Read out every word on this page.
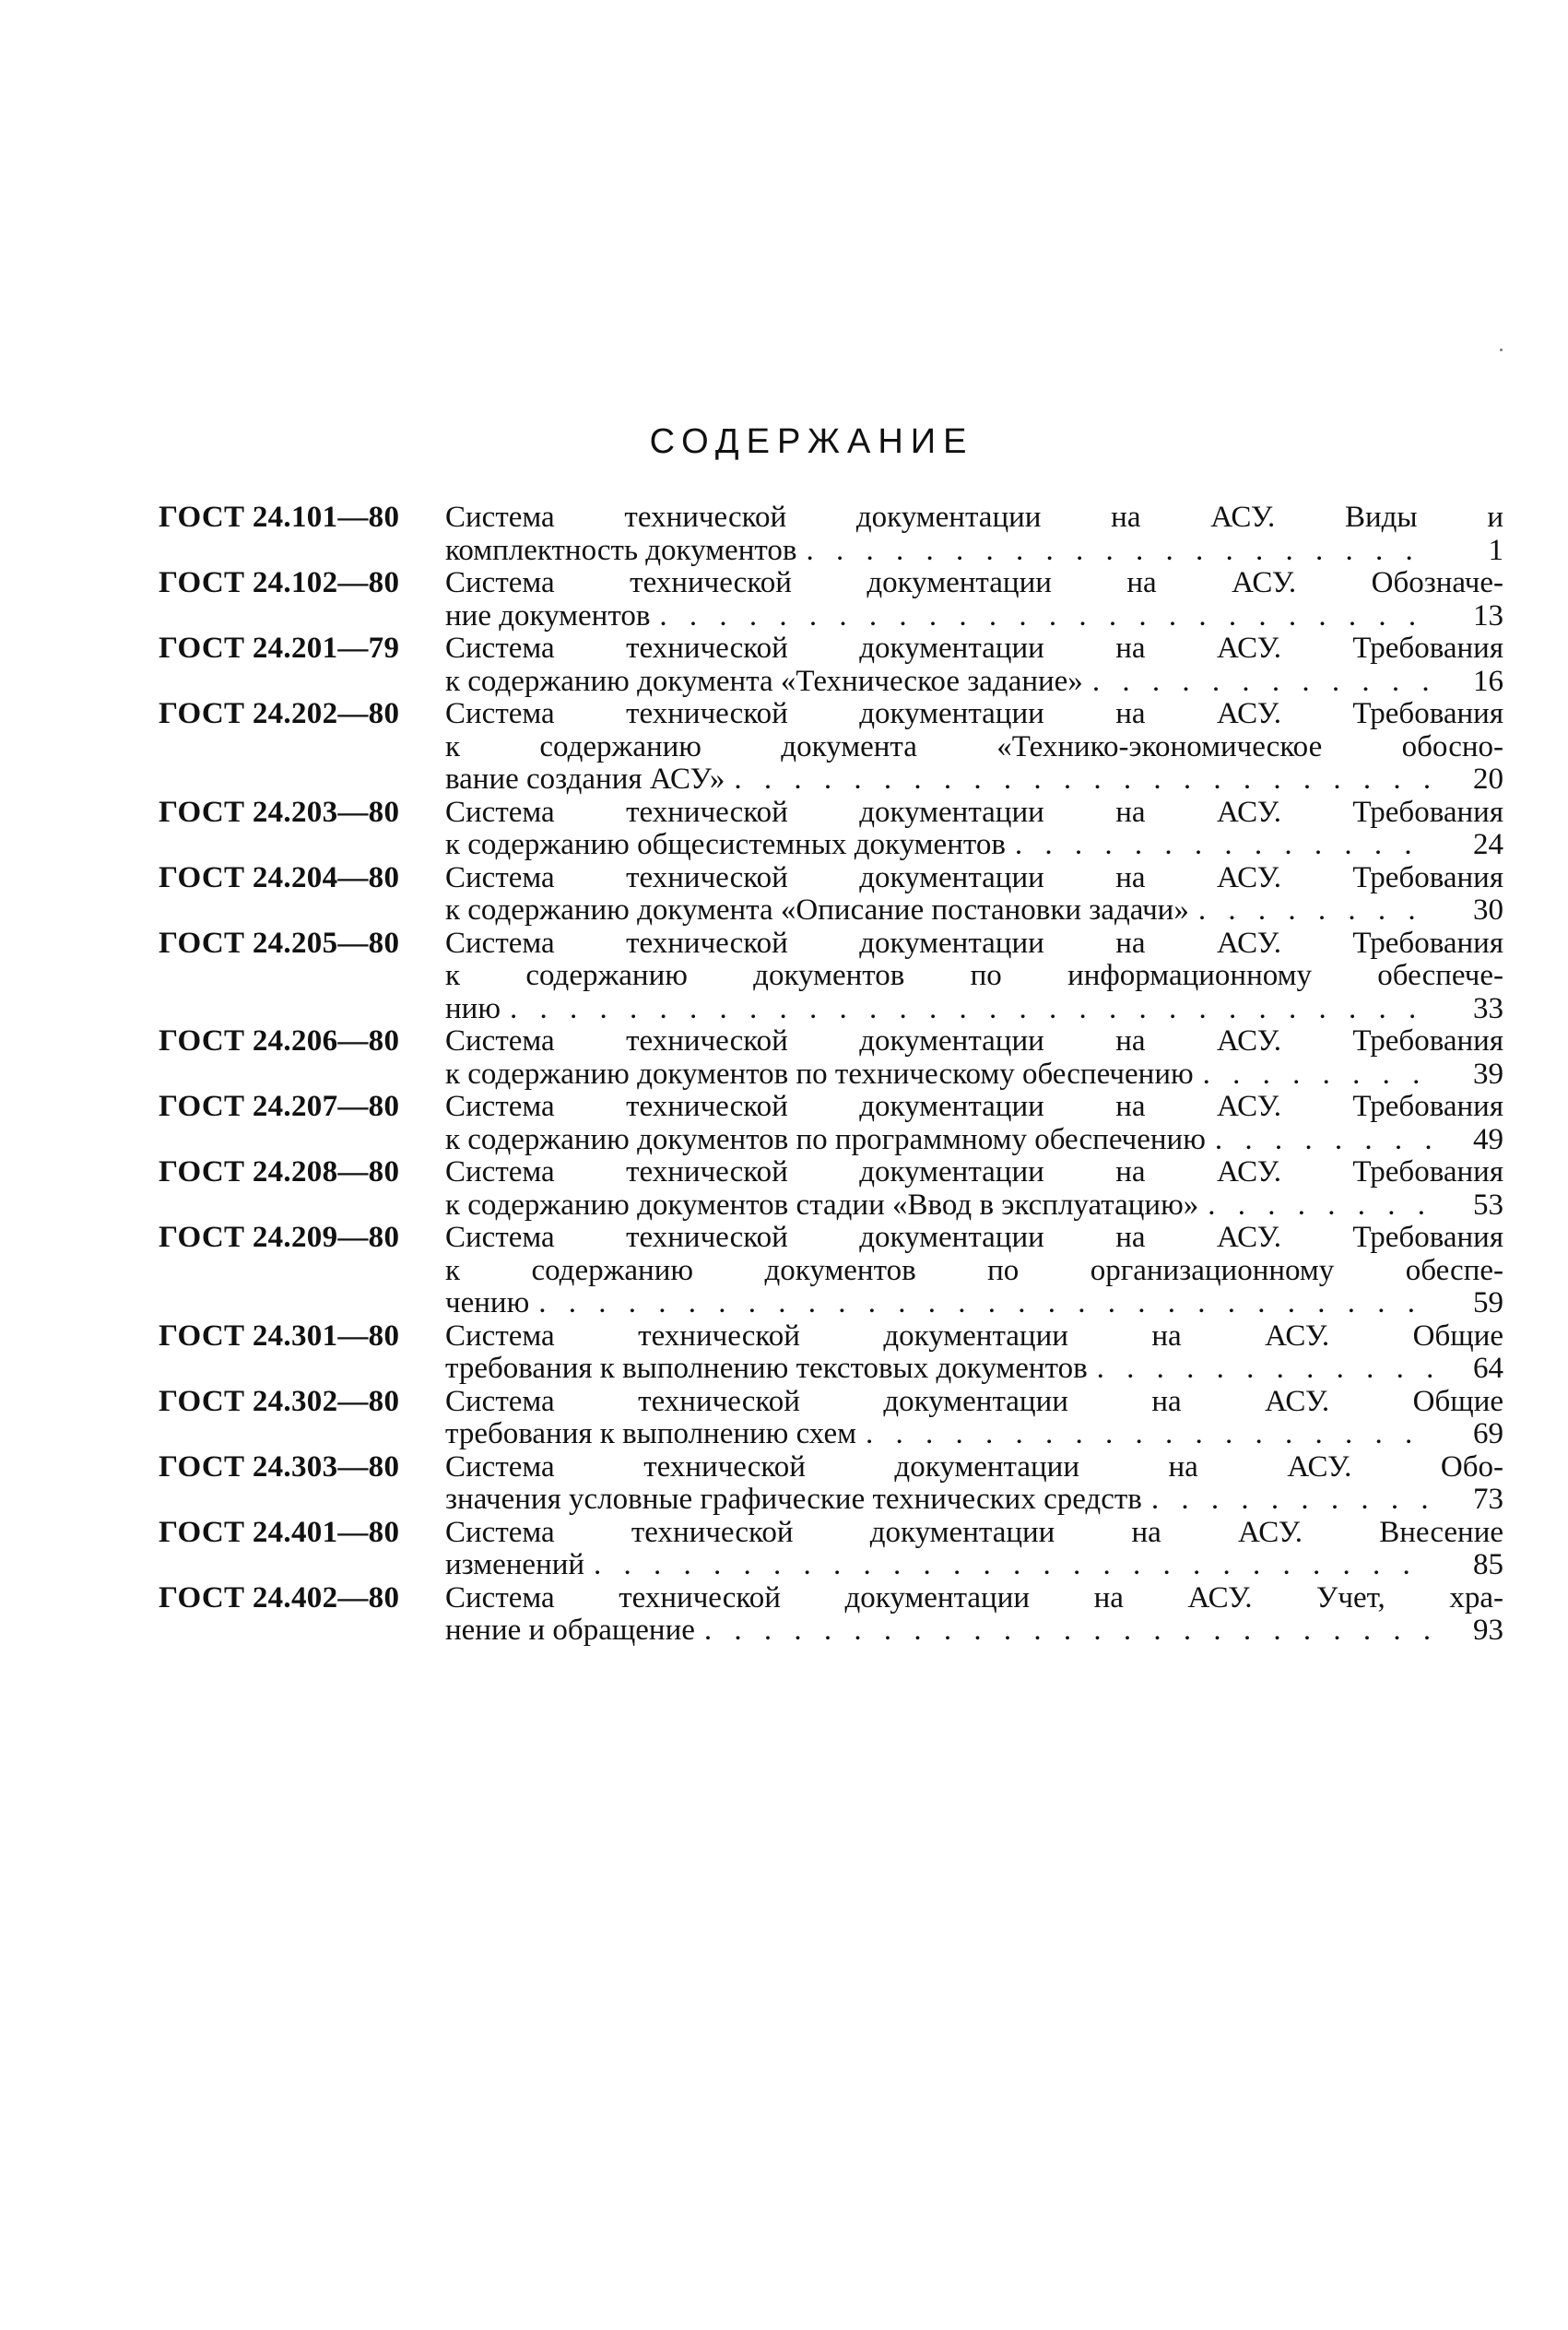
СОДЕРЖАНИЕ
ГОСТ 24.101—80 Система технической документации на АСУ. Виды и
комплектность документов . . .	1
ГОСТ 24.102—80 Система технической документации на АСУ. Обозначе-
ние документов . . .	13
ГОСТ 24.201—79 Система технической документации на АСУ. Требования
к содержанию документа «Техническое задание» . . .	16
ГОСТ 24.202—80 Система технической документации на АСУ. Требования
к содержанию документа «Технико-экономическое обосно-
вание создания АСУ» . . .	20
ГОСТ 24.203—80 Система технической документации на АСУ. Требования
к содержанию общесистемных документов . . .	24
ГОСТ 24.204—80 Система технической документации на АСУ. Требования
к содержанию документа «Описание постановки задачи» . . .	30
ГОСТ 24.205—80 Система технической документации на АСУ. Требования
к содержанию документов по информационному обеспече-
нию . . .	33
ГОСТ 24.206—80 Система технической документации на АСУ. Требования
к содержанию документов по техническому обеспечению . . .	39
ГОСТ 24.207—80 Система технической документации на АСУ. Требования
к содержанию документов по программному обеспечению . . .	49
ГОСТ 24.208—80 Система технической документации на АСУ. Требования
к содержанию документов стадии «Ввод в эксплуатацию» . . .	53
ГОСТ 24.209—80 Система технической документации на АСУ. Требования
к содержанию документов по организационному обеспе-
чению . . .	59
ГОСТ 24.301—80 Система технической документации на АСУ. Общие
требования к выполнению текстовых документов . . .	64
ГОСТ 24.302—80 Система технической документации на АСУ. Общие
требования к выполнению схем . . .	69
ГОСТ 24.303—80 Система технической документации на АСУ. Обо-
значения условные графические технических средств . . .	73
ГОСТ 24.401—80 Система технической документации на АСУ. Внесение
изменений . . .	85
ГОСТ 24.402—80 Система технической документации на АСУ. Учет, хра-
нение и обращение . . .	93
